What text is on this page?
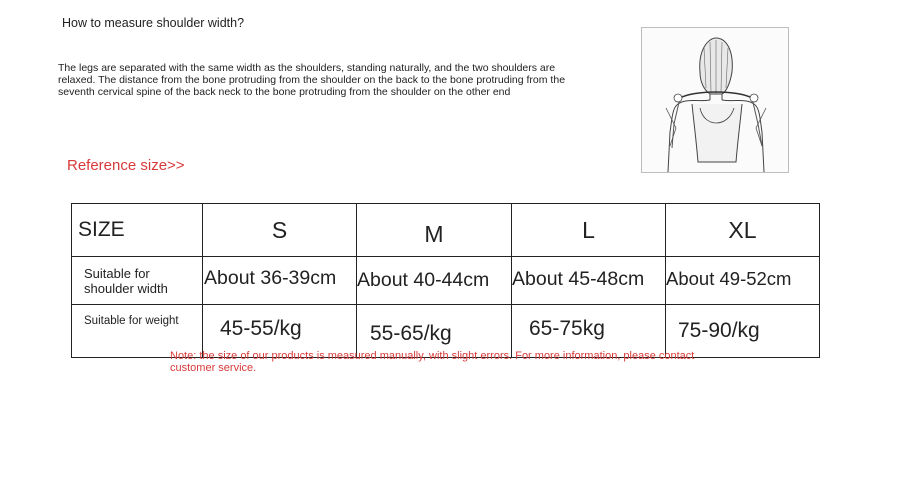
How to measure shoulder width?
The legs are separated with the same width as the shoulders, standing naturally, and the two shoulders are relaxed. The distance from the bone protruding from the shoulder on the back to the bone protruding from the seventh cervical spine of the back neck to the bone protruding from the shoulder on the other end
Reference size>>
SIZE	S	M	L	XL

Suitable for
shoulder width	About 36-39cm	About 40-44cm	About 45-48cm	About 49-52cm
Suitable for weight	45-55/kg	55-65/kg	65-75kg	75-90/kg
Note: the size of our products is measured manually, with slight errors. For more information, please contact customer service.
